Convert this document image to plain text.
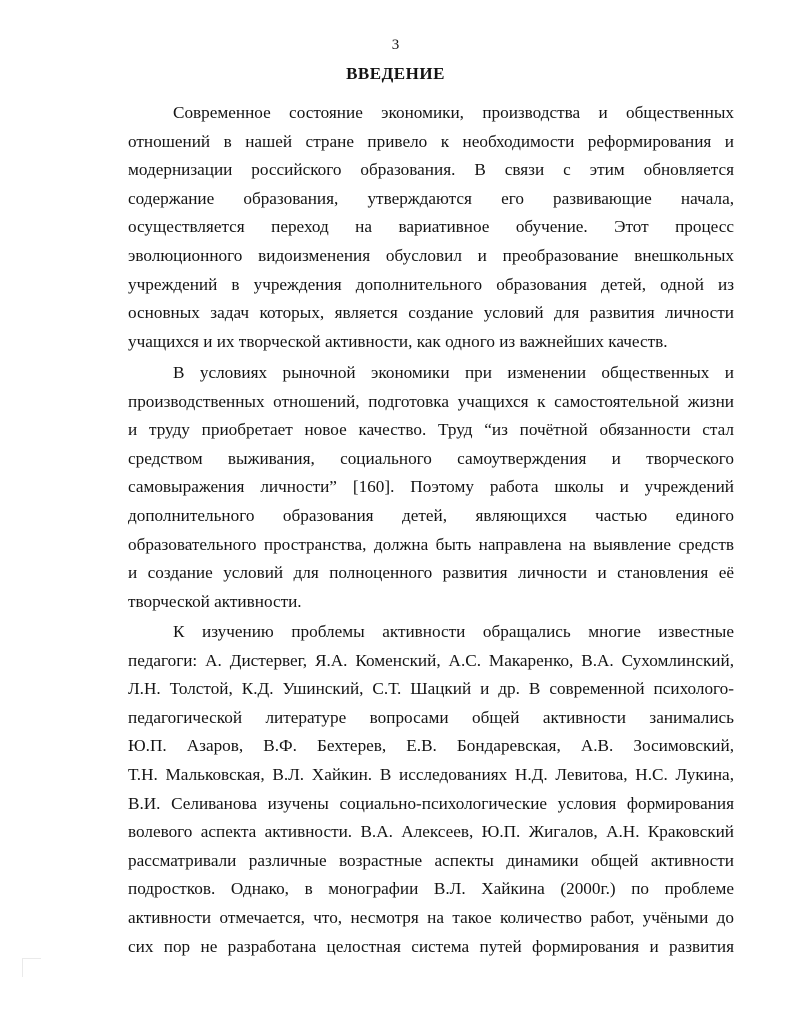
3
ВВЕДЕНИЕ
Современное состояние экономики, производства и общественных
отношений в нашей стране привело к необходимости реформирования и
модернизации российского образования. В связи с этим обновляется
содержание образования, утверждаются его развивающие начала,
осуществляется переход на вариативное обучение. Этот процесс
эволюционного видоизменения обусловил и преобразование внешкольных
учреждений в учреждения дополнительного образования детей, одной из
основных задач которых, является создание условий для развития личности
учащихся и их творческой активности, как одного из важнейших качеств.
В условиях рыночной экономики при изменении общественных и
производственных отношений, подготовка учащихся к самостоятельной жизни
и труду приобретает новое качество. Труд “из почётной обязанности стал
средством выживания, социального самоутверждения и творческого
самовыражения личности” [160]. Поэтому работа школы и учреждений
дополнительного образования детей, являющихся частью единого
образовательного пространства, должна быть направлена на выявление средств
и создание условий для полноценного развития личности и становления её
творческой активности.
К изучению проблемы активности обращались многие известные
педагоги: А. Дистервег, Я.А. Коменский, А.С. Макаренко, В.А. Сухомлинский,
Л.Н. Толстой, К.Д. Ушинский, С.Т. Шацкий и др. В современной психолого-
педагогической литературе вопросами общей активности занимались
Ю.П. Азаров, В.Ф. Бехтерев, Е.В. Бондаревская, А.В. Зосимовский,
Т.Н. Мальковская, В.Л. Хайкин. В исследованиях Н.Д. Левитова, Н.С. Лукина,
В.И. Селиванова изучены социально-психологические условия формирования
волевого аспекта активности. В.А. Алексеев, Ю.П. Жигалов, А.Н. Краковский
рассматривали различные возрастные аспекты динамики общей активности
подростков. Однако, в монографии В.Л. Хайкина (2000г.) по проблеме
активности отмечается, что, несмотря на такое количество работ, учёными до
сих пор не разработана целостная система путей формирования и развития
